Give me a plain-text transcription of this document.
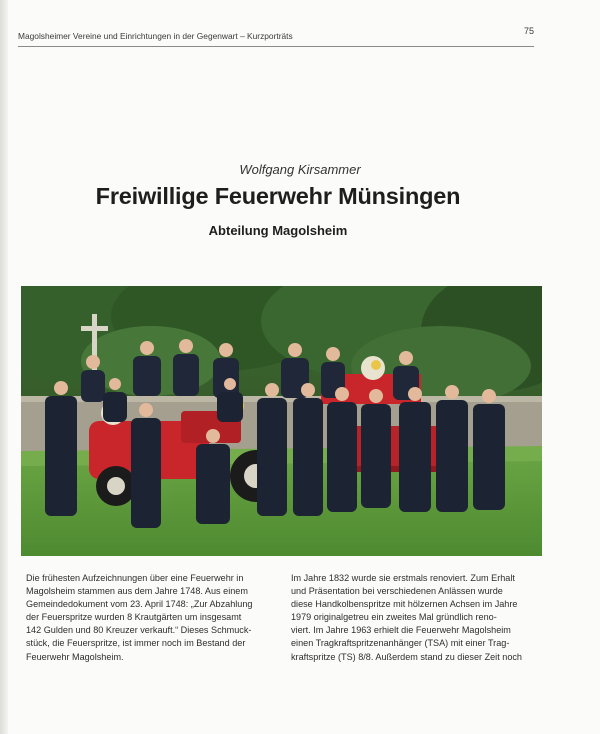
Magolsheimer Vereine und Einrichtungen in der Gegenwart – Kurzporträts	75
Wolfgang Kirsammer
Freiwillige Feuerwehr Münsingen
Abteilung Magolsheim
Die frühesten Aufzeichnungen über eine Feuerwehr in
Magolsheim stammen aus dem Jahre 1748. Aus einem
Gemeindedokument vom 23. April 1748: „Zur Abzahlung
der Feuerspritze wurden 8 Krautgärten um insgesamt
142 Gulden und 80 Kreuzer verkauft.“ Dieses Schmuck-
stück, die Feuerspritze, ist immer noch im Bestand der
Feuerwehr Magolsheim.
Im Jahre 1832 wurde sie erstmals renoviert. Zum Erhalt
und Präsentation bei verschiedenen Anlässen wurde
diese Handkolbenspritze mit hölzernen Achsen im Jahre
1979 originalgetreu ein zweites Mal gründlich reno-
viert. Im Jahre 1963 erhielt die Feuerwehr Magolsheim
einen Tragkraftspritzenanhänger (TSA) mit einer Trag-
kraftspritze (TS) 8/8. Außerdem stand zu dieser Zeit noch
